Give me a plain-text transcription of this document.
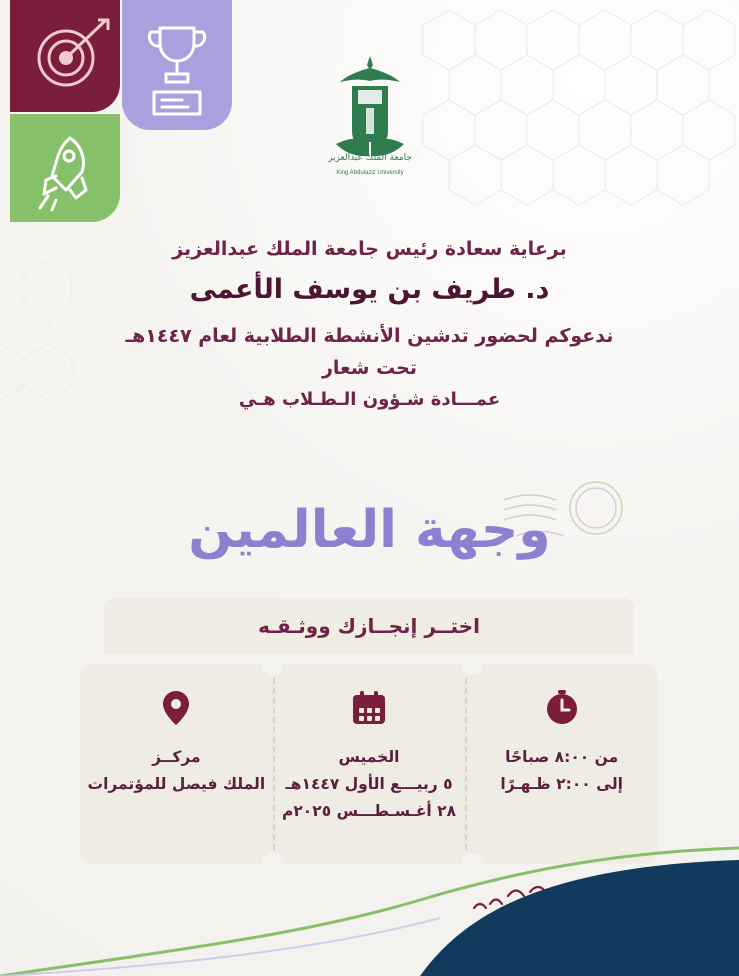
جامعة الملك عبدالعزيز
King Abdulaziz University
برعاية سعادة رئيس جامعة الملك عبدالعزيز
د. طريف بن يوسف الأعمى
ندعوكم لحضور تدشين الأنشطة الطلابية لعام ١٤٤٧هـ
تحت شعار
عمـــادة شـؤون الـطـلاب هـي
وجهة العالمين
اختــر إنجــازك ووثـقـه
مركــز
الملك فيصل للمؤتمرات
الخميس
٥ ربيـــع الأول ١٤٤٧هـ
٢٨ أغـسـطـــس ٢٠٢٥م
من ٨:٠٠ صباحًا
إلى ٢:٠٠ ظـهـرًا
